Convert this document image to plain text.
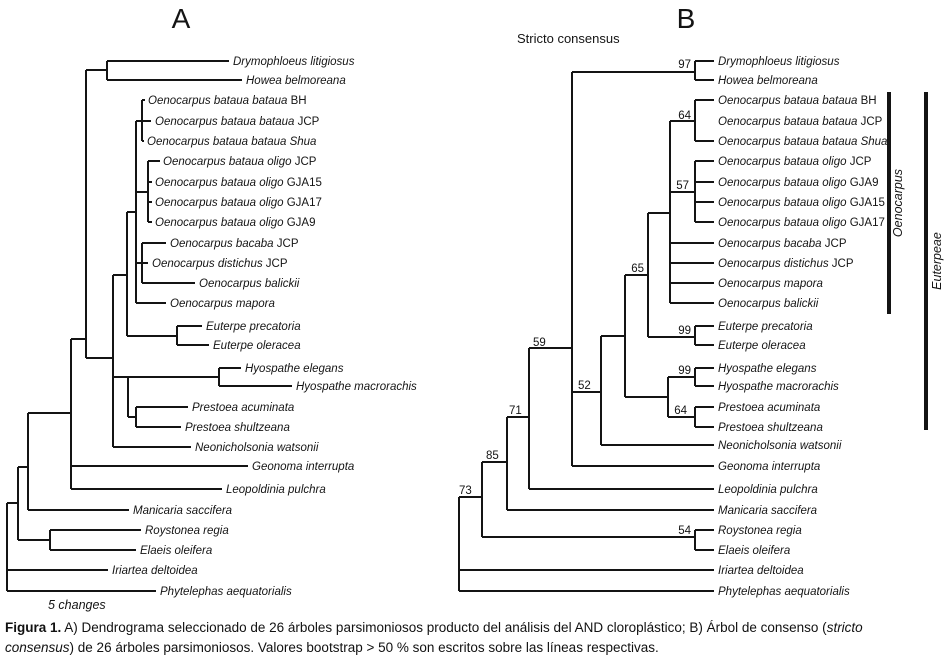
Drymophloeus litigiosus
Howea belmoreana
Oenocarpus bataua bataua BH
Oenocarpus bataua bataua JCP
Oenocarpus bataua bataua Shua
Oenocarpus bataua oligo JCP
Oenocarpus bataua oligo GJA15
Oenocarpus bataua oligo GJA17
Oenocarpus bataua oligo GJA9
Oenocarpus bacaba JCP
Oenocarpus distichus JCP
Oenocarpus balickii
Oenocarpus mapora
Euterpe precatoria
Euterpe oleracea
Hyospathe elegans
Hyospathe macrorachis
Prestoea acuminata
Prestoea shultzeana
Neonicholsonia watsonii
Geonoma interrupta
Leopoldinia pulchra
Manicaria saccifera
Roystonea regia
Elaeis oleifera
Iriartea deltoidea
Phytelephas aequatorialis
Drymophloeus litigiosus
Howea belmoreana
Oenocarpus bataua bataua BH
Oenocarpus bataua bataua JCP
Oenocarpus bataua bataua Shua
Oenocarpus bataua oligo JCP
Oenocarpus bataua oligo GJA9
Oenocarpus bataua oligo GJA15
Oenocarpus bataua oligo GJA17
Oenocarpus bacaba JCP
Oenocarpus distichus JCP
Oenocarpus mapora
Oenocarpus balickii
Euterpe precatoria
Euterpe oleracea
Hyospathe elegans
Hyospathe macrorachis
Prestoea acuminata
Prestoea shultzeana
Neonicholsonia watsonii
Geonoma interrupta
Leopoldinia pulchra
Manicaria saccifera
Roystonea regia
Elaeis oleifera
Iriartea deltoidea
Phytelephas aequatorialis
97
64
57
65
99
99
64
59
52
71
85
73
54
Oenocarpus
Euterpeae
A	B
Stricto consensus
5 changes
Figura 1. A) Dendrograma seleccionado de 26 árboles parsimoniosos producto del análisis del AND cloroplástico; B) Árbol de consenso (stricto
consensus) de 26 árboles parsimoniosos. Valores bootstrap > 50 % son escritos sobre las líneas respectivas.
